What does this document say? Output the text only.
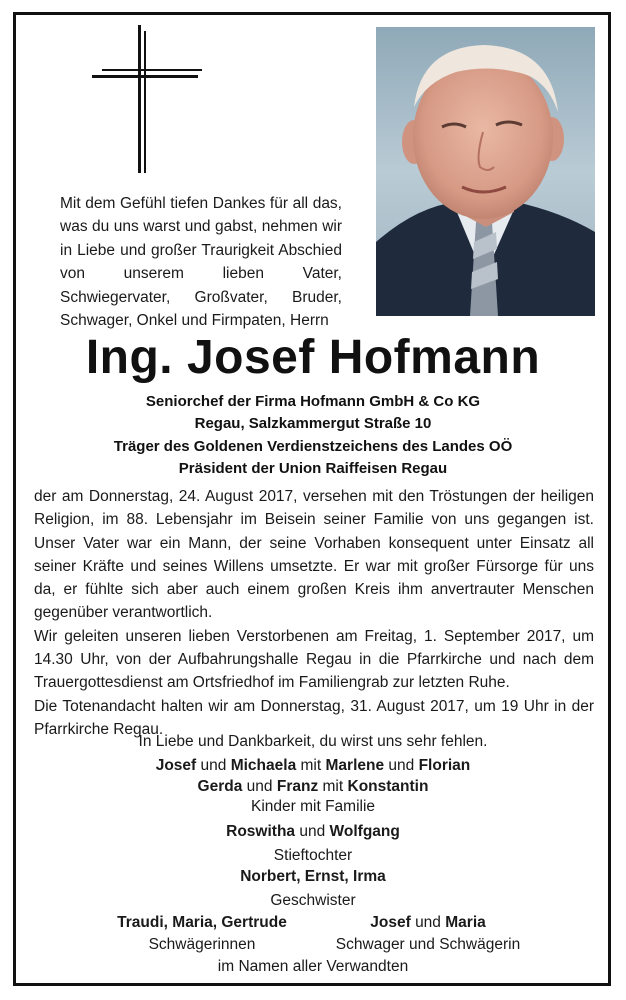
Mit dem Gefühl tiefen Dankes für all das, was du uns warst und gabst, nehmen wir in Liebe und großer Traurigkeit Abschied von unserem lieben Vater, Schwiegervater, Großvater, Bruder, Schwager, Onkel und Firmpaten, Herrn
Ing. Josef Hofmann
Seniorchef der Firma Hofmann GmbH & Co KG
Regau, Salzkammergut Straße 10
Träger des Goldenen Verdienstzeichens des Landes OÖ
Präsident der Union Raiffeisen Regau

der am Donnerstag, 24. August 2017, versehen mit den Tröstungen der heiligen Religion, im 88. Lebensjahr im Beisein seiner Familie von uns gegangen ist. Unser Vater war ein Mann, der seine Vorhaben konsequent unter Einsatz all seiner Kräfte und seines Willens umsetzte. Er war mit großer Fürsorge für uns da, er fühlte sich aber auch einem großen Kreis ihm anvertrauter Menschen gegenüber verantwortlich.

Wir geleiten unseren lieben Verstorbenen am Freitag, 1. September 2017, um 14.30 Uhr, von der Aufbahrungshalle Regau in die Pfarrkirche und nach dem Trauergottesdienst am Ortsfriedhof im Familiengrab zur letzten Ruhe.

Die Totenandacht halten wir am Donnerstag, 31. August 2017, um 19 Uhr in der Pfarrkirche Regau.

In Liebe und Dankbarkeit, du wirst uns sehr fehlen.
Josef und Michaela mit Marlene und Florian
Gerda und Franz mit Konstantin
Kinder mit Familie
Roswitha und Wolfgang
Stieftochter
Norbert, Ernst, Irma
Geschwister
Traudi, Maria, Gertrude
Schwägerinnen
Josef und Maria
Schwager und Schwägerin
im Namen aller Verwandten
